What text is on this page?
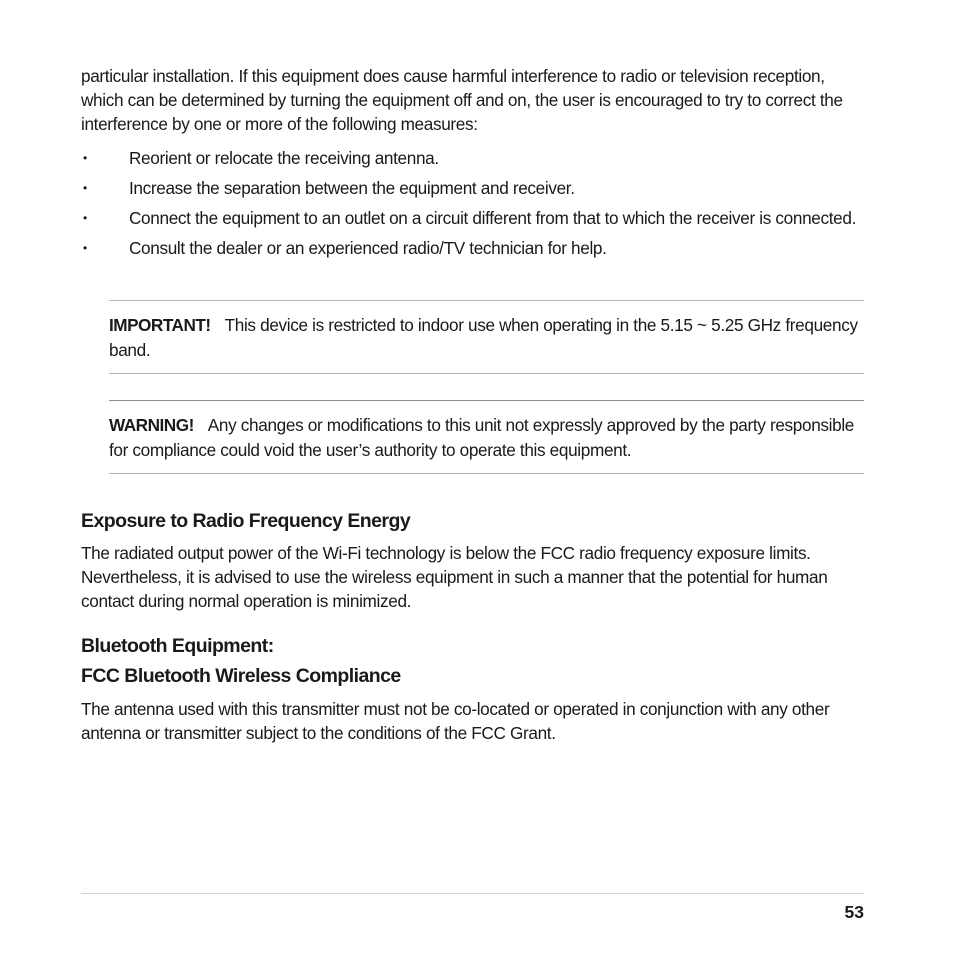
particular installation. If this equipment does cause harmful interference to radio or television reception, which can be determined by turning the equipment off and on, the user is encouraged to try to correct the interference by one or more of the following measures:

• Reorient or relocate the receiving antenna.
• Increase the separation between the equipment and receiver.
• Connect the equipment to an outlet on a circuit different from that to which the receiver is connected.
• Consult the dealer or an experienced radio/TV technician for help.
IMPORTANT! This device is restricted to indoor use when operating in the 5.15 ~ 5.25 GHz frequency band.
WARNING! Any changes or modifications to this unit not expressly approved by the party responsible for compliance could void the user’s authority to operate this equipment.
Exposure to Radio Frequency Energy

The radiated output power of the Wi-Fi technology is below the FCC radio frequency exposure limits. Nevertheless, it is advised to use the wireless equipment in such a manner that the potential for human contact during normal operation is minimized.

Bluetooth Equipment:
FCC Bluetooth Wireless Compliance

The antenna used with this transmitter must not be co-located or operated in conjunction with any other antenna or transmitter subject to the conditions of the FCC Grant.

53
